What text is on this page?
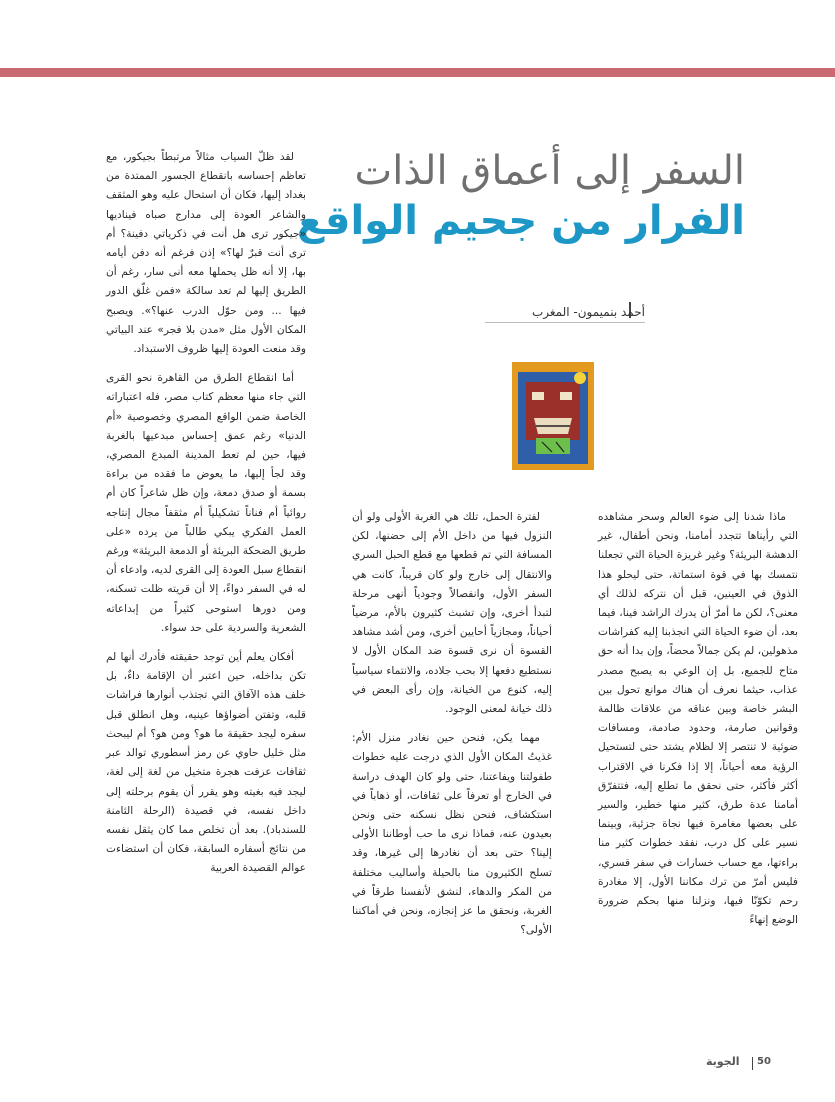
السفر إلى أعماق الذات
الفرار من جحيم الواقع
أحمد بنميمون- المغرب

ماذا شدنا إلى ضوء العالم وسحر مشاهده التي رأيناها تتجدد أمامنا، ونحن أطفال، غير الدهشة البريئة؟ وغير غريزة الحياة التي تجعلنا نتمسك بها في قوة استماتة، حتى ليحلو هذا الذوق في العينين، قبل أن نتركه لذلك أي معنى؟، لكن ما أمرّ أن يدرك الراشد فينا، فيما بعد، أن ضوء الحياة التي انجذبنا إليه كفراشات مذهولين، لم يكن جمالاً محضاً، وإن بدا أنه حق متاح للجميع، بل إن الوعي به يصبح مصدر عذاب، حيثما نعرف أن هناك موانع تحول بين البشر خاصة وبين عناقه من علاقات ظالمة وقوانين صارمة، وحدود صادمة، ومسافات ضوئية لا تنتصر إلا لظلام يشتد حتى لتستحيل الرؤية معه أحياناً، إلا إذا فكرنا في الاقتراب أكثر فأكثر، حتى نحقق ما تطلع إليه، فتتفرّق أمامنا عدة طرق، كثير منها خطير، والسير على بعضها مغامرة فيها نجاة جزئية، وبينما نسير على كل درب، نفقد خطوات كثير منا براءتها، مع حساب خسارات في سفر قسري، فليس أمرّ من ترك مكاننا الأول، إلا مغادرة رحم تكوّنّا فيها، ونزلنا منها بحكم ضرورة الوضع إنهاءً

لفترة الحمل، تلك هي الغربة الأولى ولو أن النزول فيها من داخل الأم إلى حضنها، لكن المسافة التي تم قطعها مع قطع الحبل السري والانتقال إلى خارج ولو كان قريباً، كانت هي السفر الأول، وانفصالاً وجودياً أنهى مرحلة لتبدأ أخرى، وإن تشبث كثيرون بالأم، مرضياً أحياناً، ومجازياً أحايين أخرى، ومن أشد مشاهد القسوة أن نرى قسوة ضد المكان الأول لا نستطيع دفعها إلا بحب جلاده، والانتماء سياسياً إليه، كنوع من الخيانة، وإن رأى البعض في ذلك خيانة لمعنى الوجود.

مهما يكن، فنحن حين نغادر منزل الأم: غذيتُ المكان الأول الذي درجت عليه خطوات طفولتنا ويفاعتنا، حتى ولو كان الهدف دراسة في الخارج أو تعرفاً على ثقافات، أو ذهاباً في استكشاف، فنحن نظل نسكنه حتى ونحن بعيدون عنه، فماذا نرى ما حب أوطاننا الأولى إلينا؟ حتى بعد أن نغادرها إلى غيرها، وقد تسلح الكثيرون منا بالحيلة وأساليب مختلفة من المكر والدهاء، لنشق لأنفسنا طرقاً في الغربة، ونحقق ما عز إنجازه، ونحن في أماكننا الأولى؟

لقد ظلّ السياب مثالاً مرتبطاً بجيكور، مع تعاظم إحساسه بانقطاع الجسور الممتدة من بغداد إليها، فكان أن استحال عليه وهو المثقف والشاعر العودة إلى مدارج صباه فيناديها «جيكور ترى هل أنت في ذكرياتي دفينة؟ أم ترى أنت قبرٌ لها؟» إذن فرغم أنه دفن أيامه بها، إلا أنه ظل يحملها معه أنى سار، رغم أن الطريق إليها لم تعد سالكة «فمن غلّق الدور فيها ... ومن حوّل الدرب عنها؟». ويصبح المكان الأول مثل «مدن بلا فجر» عند البياتي وقد منعت العودة إليها ظروف الاستبداد.

أما انقطاع الطرق من القاهرة نحو القرى التي جاء منها معظم كتاب مصر، فله اعتباراته الخاصة ضمن الواقع المصري وخصوصية «أم الدنيا» رغم عمق إحساس مبدعيها بالغربة فيها، حين لم تعط المدينة المبدع المصري، وقد لجأ إليها، ما يعوض ما فقده من براءة بسمة أو صدق دمعة، وإن ظل شاعراً كان أم روائياً أم فناناً تشكيلياً أم مثقفاً مجال إنتاجه العمل الفكري يبكي طالباً من يرده «على طريق الضحكة البريئة أو الدمعة البريئة» ورغم انقطاع سبل العودة إلى القرى لديه، وادعاء أن له في السفر دواءً، إلا أن قريته ظلت تسكنه، ومن دورها استوحى كثيراً من إبداعاته الشعرية والسردية على حد سواء.

أفكان يعلم أين توجد حقيقته فأدرك أنها لم تكن بداخله، حين اعتبر أن الإقامة داءٌ، بل خلف هذه الآفاق التي تجتذب أنوارها فراشات قلبه، وتفتن أضواؤها عينيه، وهل انطلق قبل سفره ليجد حقيقة ما هو؟ ومن هو؟ أم ليبحث مثل خليل حاوي عن رمز أسطوري توالد عبر ثقافات عرفت هجرة متخيل من لغة إلى لغة، ليجد فيه بغيته وهو يقرر أن يقوم برحلته إلى داخل نفسه، في قصيدة (الرحلة الثامنة للسندباد). بعد أن تخلص مما كان يثقل نفسه من نتائج أسفاره السابقة، فكان أن استضاءت عوالم القصيدة العربية

الجوبة 50
